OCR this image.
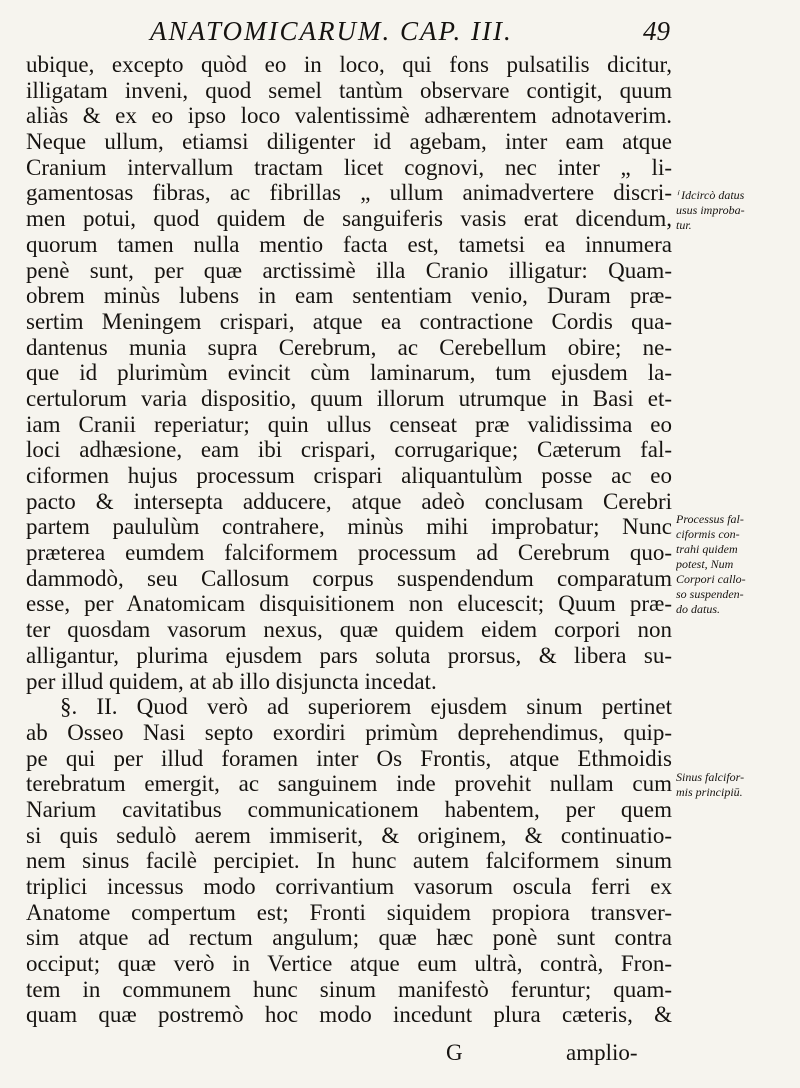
ANATOMICARUM. CAP. III.	49
ubique, excepto quòd eo in loco, qui fons pulsatilis dicitur,
illigatam inveni, quod semel tantùm observare contigit, quum
aliàs & ex eo ipso loco valentissimè adhærentem adnotaverim.
Neque ullum, etiamsi diligenter id agebam, inter eam atque
Cranium intervallum tractam licet cognovi, nec inter „ li-
gamentosas fibras, ac fibrillas „ ullum animadvertere discri-
men potui, quod quidem de sanguiferis vasis erat dicendum,
quorum tamen nulla mentio facta est, tametsi ea innumera
penè sunt, per quæ arctissimè illa Cranio illigatur: Quam-
obrem minùs lubens in eam sententiam venio, Duram præ-
sertim Meningem crispari, atque ea contractione Cordis qua-
dantenus munia supra Cerebrum, ac Cerebellum obire; ne-
que id plurimùm evincit cùm laminarum, tum ejusdem la-
certulorum varia dispositio, quum illorum utrumque in Basi et-
iam Cranii reperiatur; quin ullus censeat præ validissima eo
loci adhæsione, eam ibi crispari, corrugarique; Cæterum fal-
ciformen hujus processum crispari aliquantulùm posse ac eo
pacto & intersepta adducere, atque adeò conclusam Cerebri
partem paululùm contrahere, minùs mihi improbatur; Nunc
præterea eumdem falciformem processum ad Cerebrum quo-
dammodò, seu Callosum corpus suspendendum comparatum
esse, per Anatomicam disquisitionem non elucescit; Quum præ-
ter quosdam vasorum nexus, quæ quidem eidem corpori non
alligantur, plurima ejusdem pars soluta prorsus, & libera su-
per illud quidem, at ab illo disjuncta incedat.
§. II. Quod verò ad superiorem ejusdem sinum pertinet
ab Osseo Nasi septo exordiri primùm deprehendimus, quip-
pe qui per illud foramen inter Os Frontis, atque Ethmoidis
terebratum emergit, ac sanguinem inde provehit nullam cum
Narium cavitatibus communicationem habentem, per quem
si quis sedulò aerem immiserit, & originem, & continuatio-
nem sinus facilè percipiet. In hunc autem falciformem sinum
triplici incessus modo corrivantium vasorum oscula ferri ex
Anatome compertum est; Fronti siquidem propiora transver-
sim atque ad rectum angulum; quæ hæc ponè sunt contra
occiput; quæ verò in Vertice atque eum ultrà, contrà, Fron-
tem in communem hunc sinum manifestò feruntur; quam-
quam quæ postremò hoc modo incedunt plura cæteris, &
ⁱ Idcircò datus
usus improba-
tur.
Processus fal-
ciformis con-
trahi quidem
potest, Num
Corpori callo-
so suspenden-
do datus.
Sinus falcifor-
mis principiū.
G	amplio-
